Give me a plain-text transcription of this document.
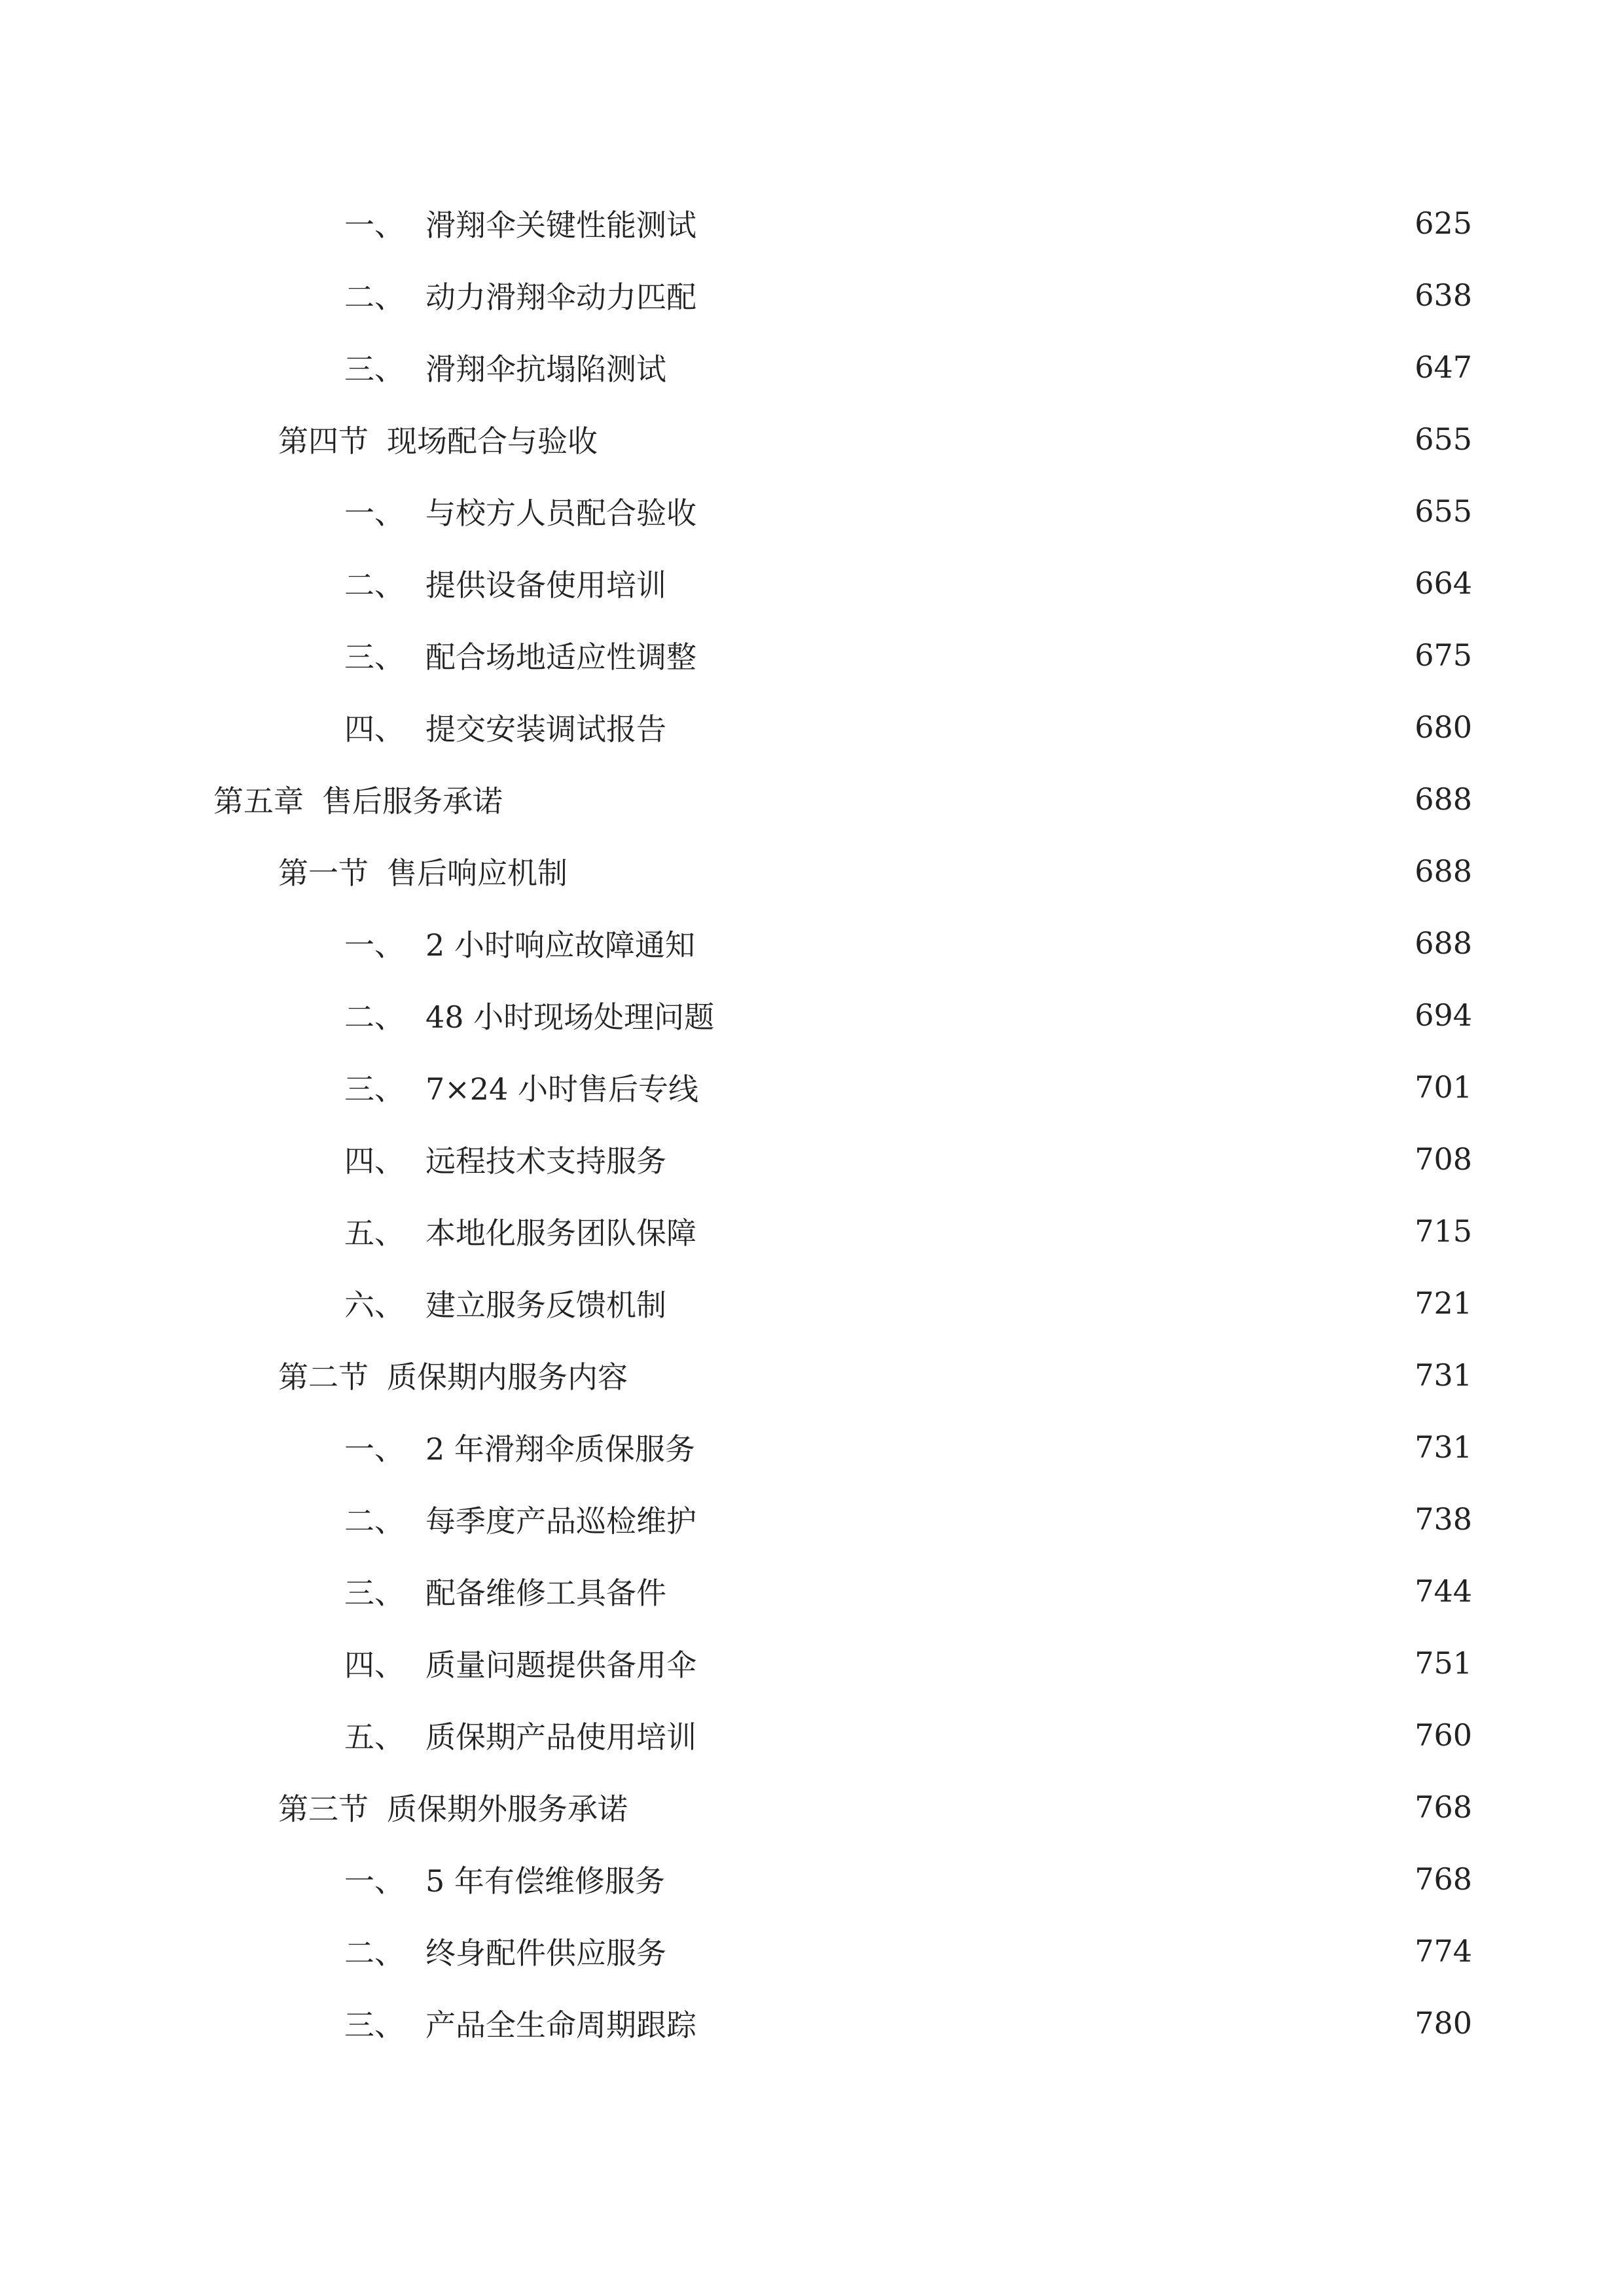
一、 滑翔伞关键性能测试	625
二、 动力滑翔伞动力匹配	638
三、 滑翔伞抗塌陷测试	647
第四节 现场配合与验收	655
一、 与校方人员配合验收	655
二、 提供设备使用培训	664
三、 配合场地适应性调整	675
四、 提交安装调试报告	680
第五章 售后服务承诺	688
第一节 售后响应机制	688
一、 2 小时响应故障通知	688
二、 48 小时现场处理问题	694
三、 7×24 小时售后专线	701
四、 远程技术支持服务	708
五、 本地化服务团队保障	715
六、 建立服务反馈机制	721
第二节 质保期内服务内容	731
一、 2 年滑翔伞质保服务	731
二、 每季度产品巡检维护	738
三、 配备维修工具备件	744
四、 质量问题提供备用伞	751
五、 质保期产品使用培训	760
第三节 质保期外服务承诺	768
一、 5 年有偿维修服务	768
二、 终身配件供应服务	774
三、 产品全生命周期跟踪	780
